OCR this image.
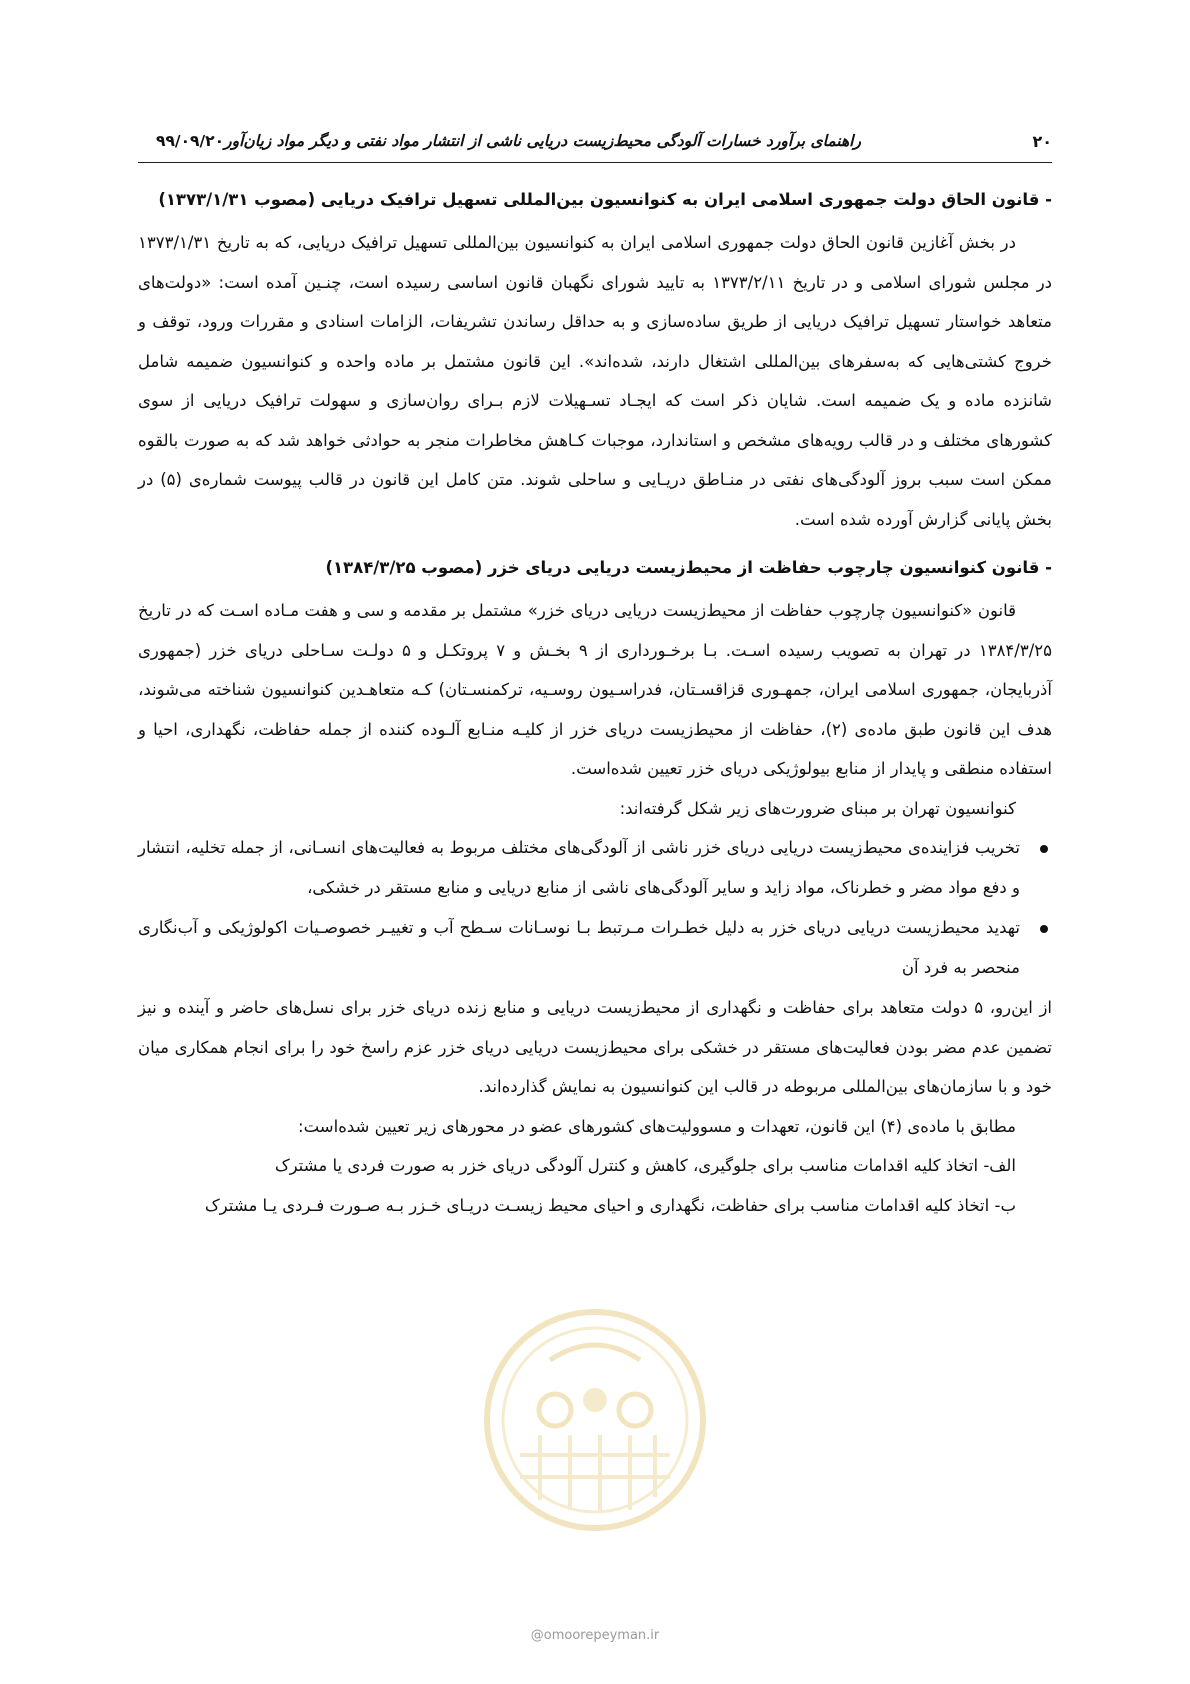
۲۰
راهنمای برآورد خسارات آلودگی محیط‌زیست دریایی ناشی از انتشار مواد نفتی و دیگر مواد زیان‌آور۹۹/۰۹/۲۰
- قانون الحاق دولت جمهوری اسلامی ایران به کنوانسیون بین‌المللی تسهیل ترافیک دریایی (مصوب ۱۳۷۳/۱/۳۱)

در بخش آغازین قانون الحاق دولت جمهوری اسلامی ایران به کنوانسیون بین‌المللی تسهیل ترافیک دریایی، که به تاریخ ۱۳۷۳/۱/۳۱ در مجلس شورای اسلامی و در تاریخ ۱۳۷۳/۲/۱۱ به تایید شورای نگهبان قانون اساسی رسیده است، چنـین آمده است: «دولت‌های متعاهد خواستار تسهیل ترافیک دریایی از طریق ساده‌سازی و به حداقل رساندن تشریفات، الزامات اسنادی و مقررات ورود، توقف و خروج کشتی‌هایی که به‌سفرهای بین‌المللی اشتغال دارند، شده‌اند». این قانون مشتمل بر ماده واحده و کنوانسیون ضمیمه شامل شانزده ماده و یک ضمیمه است. شایان ذکر است که ایجـاد تسـهیلات لازم بـرای روان‌سازی و سهولت ترافیک دریایی از سوی کشورهای مختلف و در قالب رویه‌های مشخص و استاندارد، موجبات کـاهش مخاطرات منجر به حوادثی خواهد شد که به صورت بالقوه ممکن است سبب بروز آلودگی‌های نفتی در منـاطق دریـایی و ساحلی شوند. متن کامل این قانون در قالب پیوست شماره‌ی (۵) در بخش پایانی گزارش آورده شده است.

- قانون کنوانسیون چارچوب حفاظت از محیط‌زیست دریایی دریای خزر (مصوب ۱۳۸۴/۳/۲۵)

قانون «کنوانسیون چارچوب حفاظت از محیط‌زیست دریایی دریای خزر» مشتمل بر مقدمه و سی و هفت مـاده اسـت که در تاریخ ۱۳۸۴/۳/۲۵ در تهران به تصویب رسیده اسـت. بـا برخـورداری از ۹ بخـش و ۷ پروتکـل و ۵ دولـت سـاحلی دریای خزر (جمهوری آذربایجان، جمهوری اسلامی ایران، جمهـوری قزاقسـتان، فدراسـیون روسـیه، ترکمنسـتان) کـه متعاهـدین کنوانسیون شناخته می‌شوند، هدف این قانون طبق ماده‌ی (۲)، حفاظت از محیط‌زیست دریای خزر از کلیـه منـابع آلـوده کننده از جمله حفاظت، نگهداری، احیا و استفاده منطقی و پایدار از منابع بیولوژیکی دریای خزر تعیین شده‌است.

کنوانسیون تهران بر مبنای ضرورت‌های زیر شکل گرفته‌اند:

تخریب فزاینده‌ی محیط‌زیست دریایی دریای خزر ناشی از آلودگی‌های مختلف مربوط به فعالیت‌های انسـانی، از جمله تخلیه، انتشار و دفع مواد مضر و خطرناک، مواد زاید و سایر آلودگی‌های ناشی از منابع دریایی و منابع مستقر در خشکی،
تهدید محیط‌زیست دریایی دریای خزر به دلیل خطـرات مـرتبط بـا نوسـانات سـطح آب و تغییـر خصوصـیات اکولوژیکی و آب‌نگاری منحصر به فرد آن

از این‌رو، ۵ دولت متعاهد برای حفاظت و نگهداری از محیط‌زیست دریایی و منابع زنده دریای خزر برای نسل‌های حاضر و آینده و نیز تضمین عدم مضر بودن فعالیت‌های مستقر در خشکی برای محیط‌زیست دریایی دریای خزر عزم راسخ خود را برای انجام همکاری میان خود و با سازمان‌های بین‌المللی مربوطه در قالب این کنوانسیون به نمایش گذارده‌اند.

مطابق با ماده‌ی (۴) این قانون، تعهدات و مسوولیت‌های کشورهای عضو در محورهای زیر تعیین شده‌است:

الف- اتخاذ کلیه اقدامات مناسب برای جلوگیری، کاهش و کنترل آلودگی دریای خزر به صورت فردی یا مشترک

ب- اتخاذ کلیه اقدامات مناسب برای حفاظت، نگهداری و احیای محیط زیسـت دریـای خـزر بـه صـورت فـردی یـا مشترک

@omoorepeyman.ir
